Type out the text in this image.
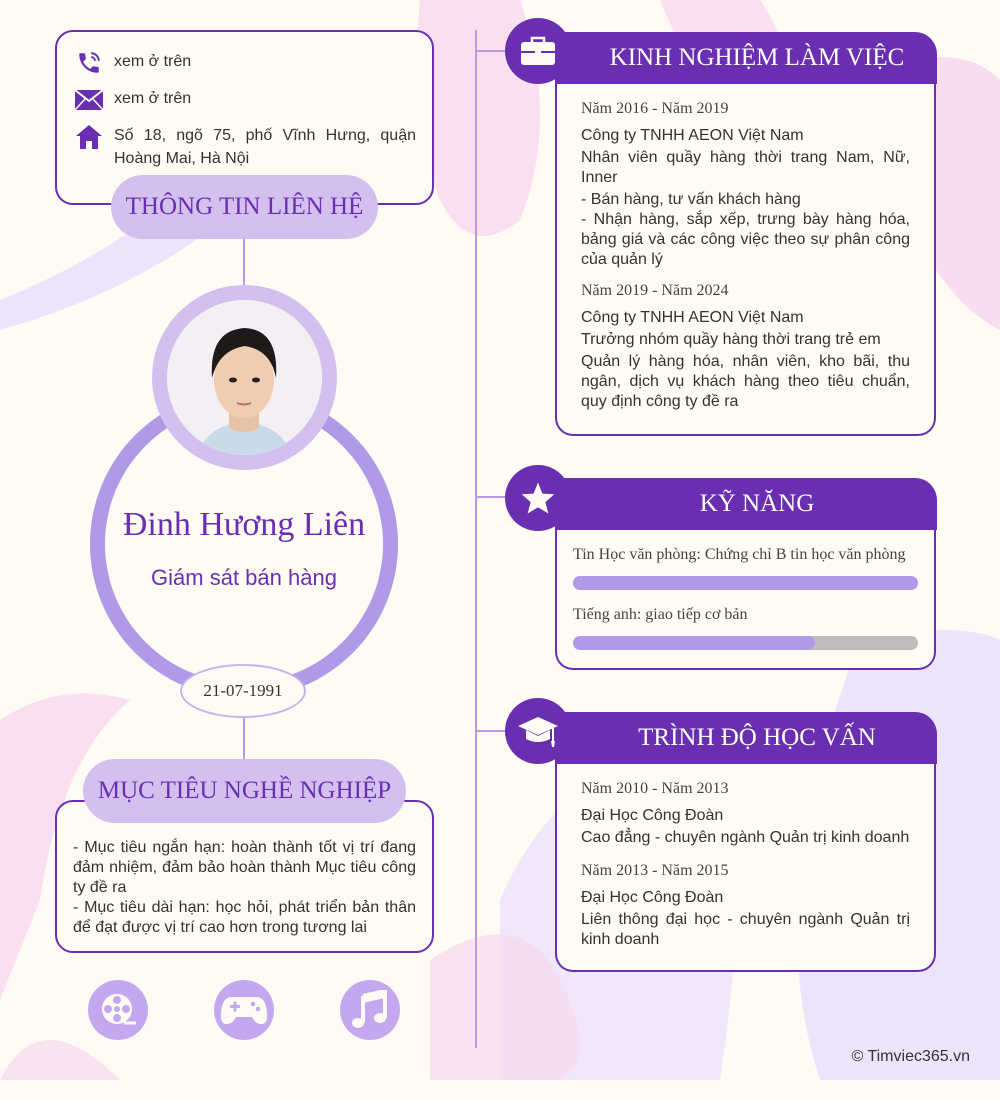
xem ở trên
xem ở trên
Số 18, ngõ 75, phố Vĩnh Hưng, quận Hoàng Mai, Hà Nội
THÔNG TIN LIÊN HỆ
Đinh Hương Liên
Giám sát bán hàng
21-07-1991
- Mục tiêu ngắn hạn: hoàn thành tốt vị trí đang đảm nhiệm, đảm bảo hoàn thành Mục tiêu công ty đề ra
- Mục tiêu dài hạn: học hỏi, phát triển bản thân để đạt được vị trí cao hơn trong tương lai
MỤC TIÊU NGHỀ NGHIỆP
Năm 2016 - Năm 2019
Công ty TNHH AEON Việt Nam
Nhân viên quầy hàng thời trang Nam, Nữ, Inner
- Bán hàng, tư vấn khách hàng
- Nhận hàng, sắp xếp, trưng bày hàng hóa, bảng giá và các công việc theo sự phân công của quản lý
Năm 2019 - Năm 2024
Công ty TNHH AEON Việt Nam
Trưởng nhóm quầy hàng thời trang trẻ em
Quản lý hàng hóa, nhân viên, kho bãi, thu ngân, dịch vụ khách hàng theo tiêu chuẩn, quy định công ty đề ra
KINH NGHIỆM LÀM VIỆC
Tin Học văn phòng: Chứng chỉ B tin học văn phòng
Tiếng anh: giao tiếp cơ bản
KỸ NĂNG
Năm 2010 - Năm 2013
Đại Học Công Đoàn
Cao đẳng - chuyên ngành Quản trị kinh doanh
Năm 2013 - Năm 2015
Đại Học Công Đoàn
Liên thông đại học - chuyên ngành Quản trị kinh doanh
TRÌNH ĐỘ HỌC VẤN
© Timviec365.vn
